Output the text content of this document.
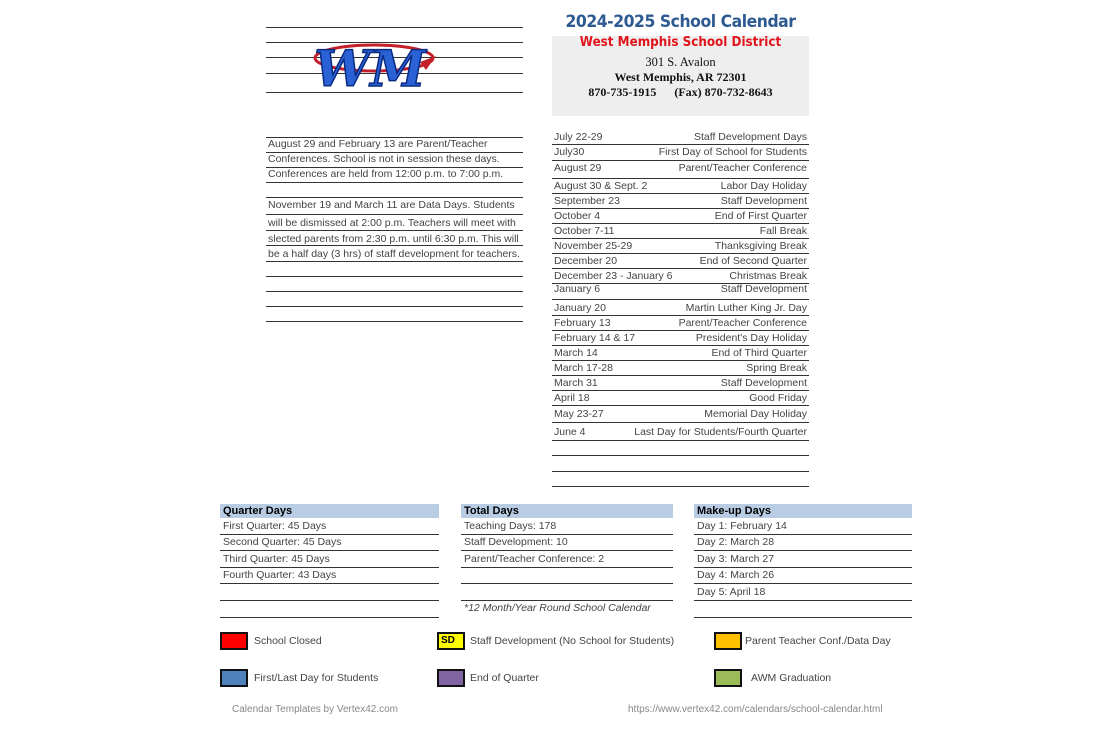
WM
2024-2025 School Calendar
West Memphis School District
301 S. Avalon
West Memphis, AR 72301
870-735-1915 (Fax) 870-732-8643
August 29 and February 13 are Parent/Teacher
Conferences. School is not in session these days.
Conferences are held from 12:00 p.m. to 7:00 p.m.
November 19 and March 11 are Data Days. Students
will be dismissed at 2:00 p.m. Teachers will meet with
slected parents from 2:30 p.m. until 6:30 p.m. This will
be a half day (3 hrs) of staff development for teachers.
July 22-29	Staff Development Days
July30	First Day of School for Students
August 29	Parent/Teacher Conference
August 30 & Sept. 2	Labor Day Holiday
September 23	Staff Development
October 4	End of First Quarter
October 7-11	Fall Break
November 25-29	Thanksgiving Break
December 20	End of Second Quarter
December 23 - January 6	Christmas Break
January 6	Staff Development
January 20	Martin Luther King Jr. Day
February 13	Parent/Teacher Conference
February 14 & 17	President's Day Holiday
March 14	End of Third Quarter
March 17-28	Spring Break
March 31	Staff Development
April 18	Good Friday
May 23-27	Memorial Day Holiday
June 4	Last Day for Students/Fourth Quarter
Quarter Days
First Quarter: 45 Days
Second Quarter: 45 Days
Third Quarter: 45 Days
Fourth Quarter: 43 Days
Total Days
Teaching Days: 178
Staff Development: 10
Parent/Teacher Conference: 2
*12 Month/Year Round School Calendar
Make-up Days
Day 1: February 14
Day 2: March 28
Day 3: March 27
Day 4: March 26
Day 5: April 18
School Closed	SD	Staff Development (No School for Students)	Parent Teacher Conf./Data Day
First/Last Day for Students	End of Quarter	AWM Graduation
Calendar Templates by Vertex42.com	https://www.vertex42.com/calendars/school-calendar.html
